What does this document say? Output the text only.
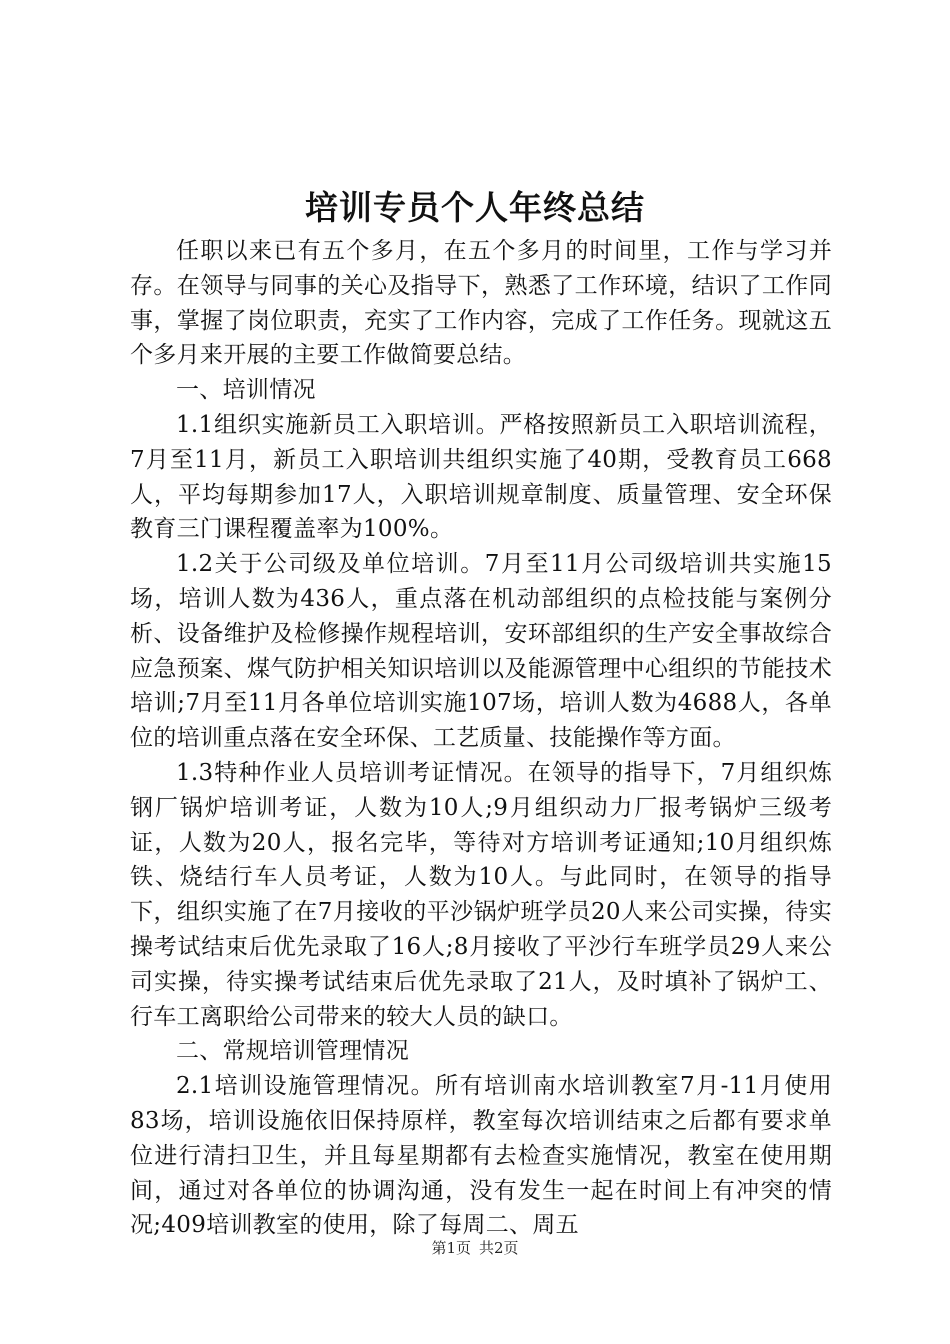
培训专员个人年终总结

任职以来已有五个多月，在五个多月的时间里，工作与学习并存。在领导与同事的关心及指导下，熟悉了工作环境，结识了工作同事，掌握了岗位职责，充实了工作内容，完成了工作任务。现就这五个多月来开展的主要工作做简要总结。

一、培训情况

1.1组织实施新员工入职培训。严格按照新员工入职培训流程，7月至11月，新员工入职培训共组织实施了40期，受教育员工668人，平均每期参加17人，入职培训规章制度、质量管理、安全环保教育三门课程覆盖率为100%。

1.2关于公司级及单位培训。7月至11月公司级培训共实施15场，培训人数为436人，重点落在机动部组织的点检技能与案例分析、设备维护及检修操作规程培训，安环部组织的生产安全事故综合应急预案、煤气防护相关知识培训以及能源管理中心组织的节能技术培训;7月至11月各单位培训实施107场，培训人数为4688人，各单位的培训重点落在安全环保、工艺质量、技能操作等方面。

1.3特种作业人员培训考证情况。在领导的指导下，7月组织炼钢厂锅炉培训考证，人数为10人;9月组织动力厂报考锅炉三级考证，人数为20人，报名完毕，等待对方培训考证通知;10月组织炼铁、烧结行车人员考证，人数为10人。与此同时，在领导的指导下，组织实施了在7月接收的平沙锅炉班学员20人来公司实操，待实操考试结束后优先录取了16人;8月接收了平沙行车班学员29人来公司实操，待实操考试结束后优先录取了21人，及时填补了锅炉工、行车工离职给公司带来的较大人员的缺口。

二、常规培训管理情况

2.1培训设施管理情况。所有培训南水培训教室7月-11月使用83场，培训设施依旧保持原样，教室每次培训结束之后都有要求单位进行清扫卫生，并且每星期都有去检查实施情况，教室在使用期间，通过对各单位的协调沟通，没有发生一起在时间上有冲突的情况;409培训教室的使用，除了每周二、周五

第1页 共2页
